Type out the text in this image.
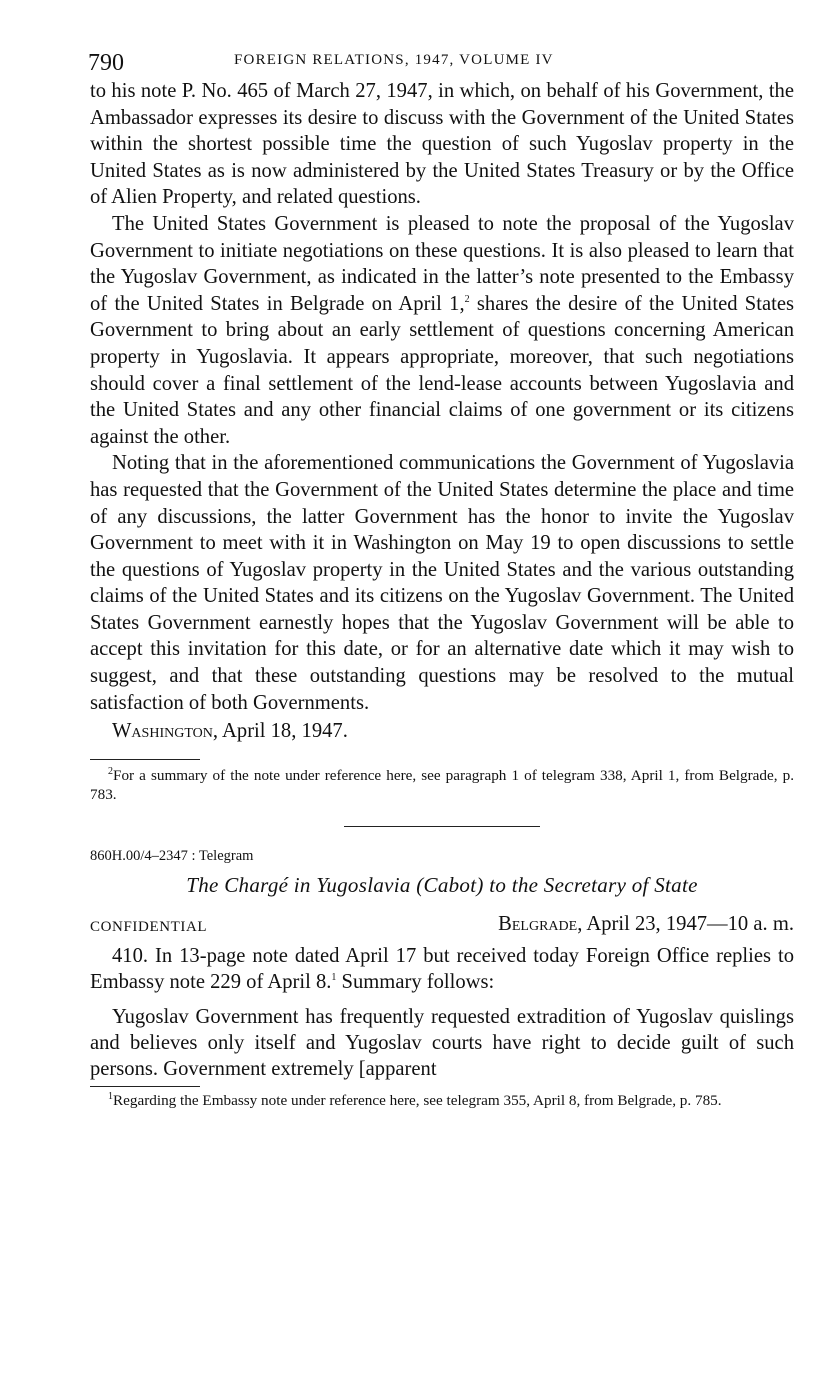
790	FOREIGN RELATIONS, 1947, VOLUME IV

to his note P. No. 465 of March 27, 1947, in which, on behalf of his Government, the Ambassador expresses its desire to discuss with the Government of the United States within the shortest possible time the question of such Yugoslav property in the United States as is now administered by the United States Treasury or by the Office of Alien Property, and related questions.

The United States Government is pleased to note the proposal of the Yugoslav Government to initiate negotiations on these questions. It is also pleased to learn that the Yugoslav Government, as indicated in the latter’s note presented to the Embassy of the United States in Belgrade on April 1,$^2$ shares the desire of the United States Government to bring about an early settlement of questions concerning American property in Yugoslavia. It appears appropriate, moreover, that such negotiations should cover a final settlement of the lend-lease accounts between Yugoslavia and the United States and any other financial claims of one government or its citizens against the other.

Noting that in the aforementioned communications the Government of Yugoslavia has requested that the Government of the United States determine the place and time of any discussions, the latter Government has the honor to invite the Yugoslav Government to meet with it in Washington on May 19 to open discussions to settle the questions of Yugoslav property in the United States and the various outstanding claims of the United States and its citizens on the Yugoslav Government. The United States Government earnestly hopes that the Yugoslav Government will be able to accept this invitation for this date, or for an alternative date which it may wish to suggest, and that these outstanding questions may be resolved to the mutual satisfaction of both Governments.

Washington, April 18, 1947.

$^2$For a summary of the note under reference here, see paragraph 1 of telegram 338, April 1, from Belgrade, p. 783.

860H.00/4–2347 : Telegram
The Chargé in Yugoslavia (Cabot) to the Secretary of State
CONFIDENTIAL	Belgrade, April 23, 1947—10 a. m.

410. In 13-page note dated April 17 but received today Foreign Office replies to Embassy note 229 of April 8.$^1$ Summary follows:

Yugoslav Government has frequently requested extradition of Yugoslav quislings and believes only itself and Yugoslav courts have right to decide guilt of such persons. Government extremely [apparent

$^1$Regarding the Embassy note under reference here, see telegram 355, April 8, from Belgrade, p. 785.
